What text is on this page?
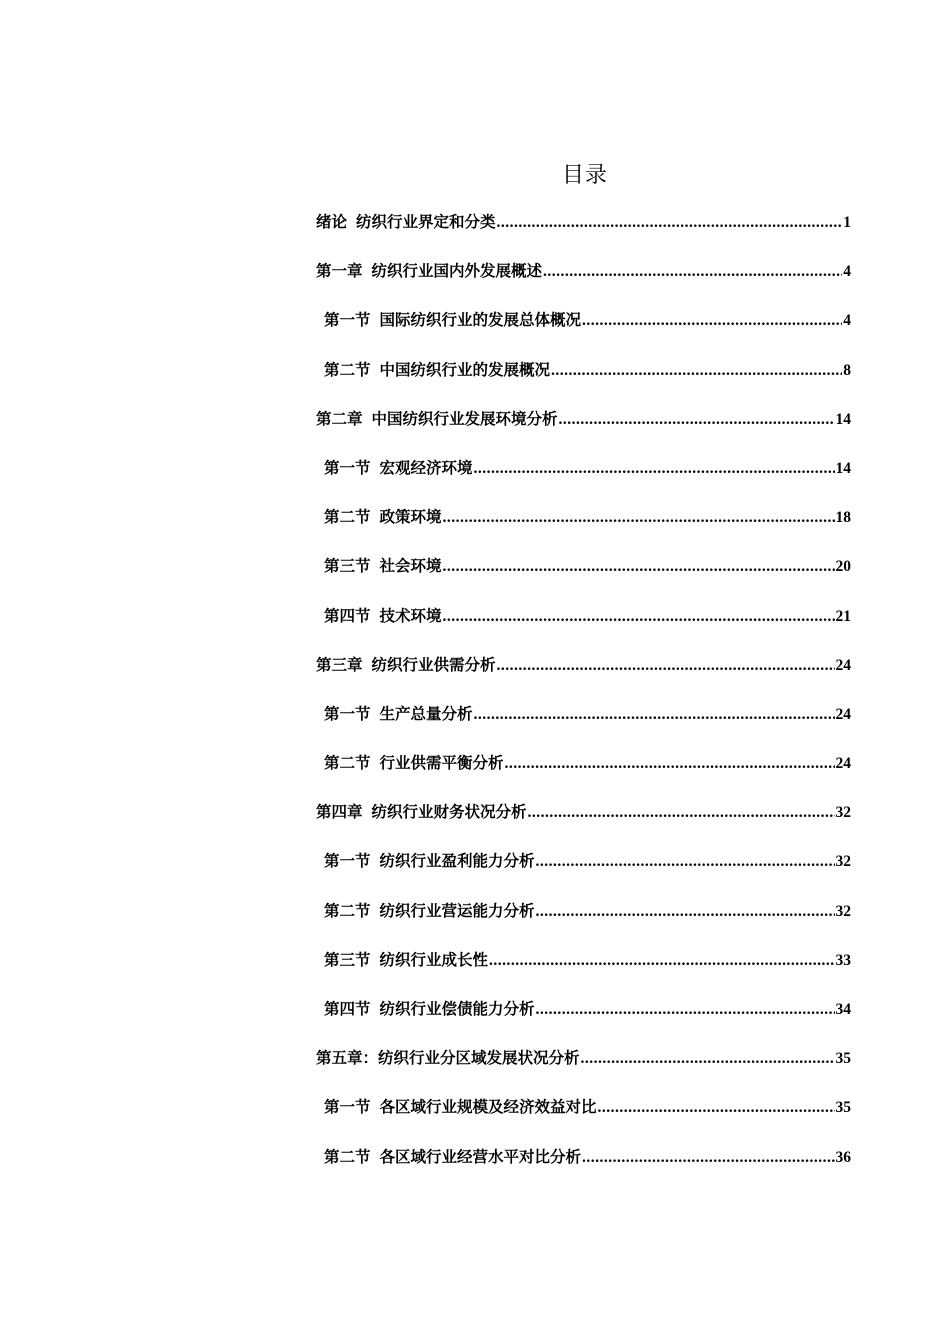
目录
绪论 纺织行业界定和分类 .....	1
第一章 纺织行业国内外发展概述 .....	4
第一节 国际纺织行业的发展总体概况 .....	4
第二节 中国纺织行业的发展概况 .....	8
第二章 中国纺织行业发展环境分析 .....	14
第一节 宏观经济环境 .....	14
第二节 政策环境 .....	18
第三节 社会环境 .....	20
第四节 技术环境 .....	21
第三章 纺织行业供需分析 .....	24
第一节 生产总量分析 .....	24
第二节 行业供需平衡分析 .....	24
第四章 纺织行业财务状况分析 .....	32
第一节 纺织行业盈利能力分析 .....	32
第二节 纺织行业营运能力分析 .....	32
第三节 纺织行业成长性 .....	33
第四节 纺织行业偿债能力分析 .....	34
第五章：纺织行业分区域发展状况分析 .....	35
第一节 各区域行业规模及经济效益对比 .....	35
第二节 各区域行业经营水平对比分析 .....	36
